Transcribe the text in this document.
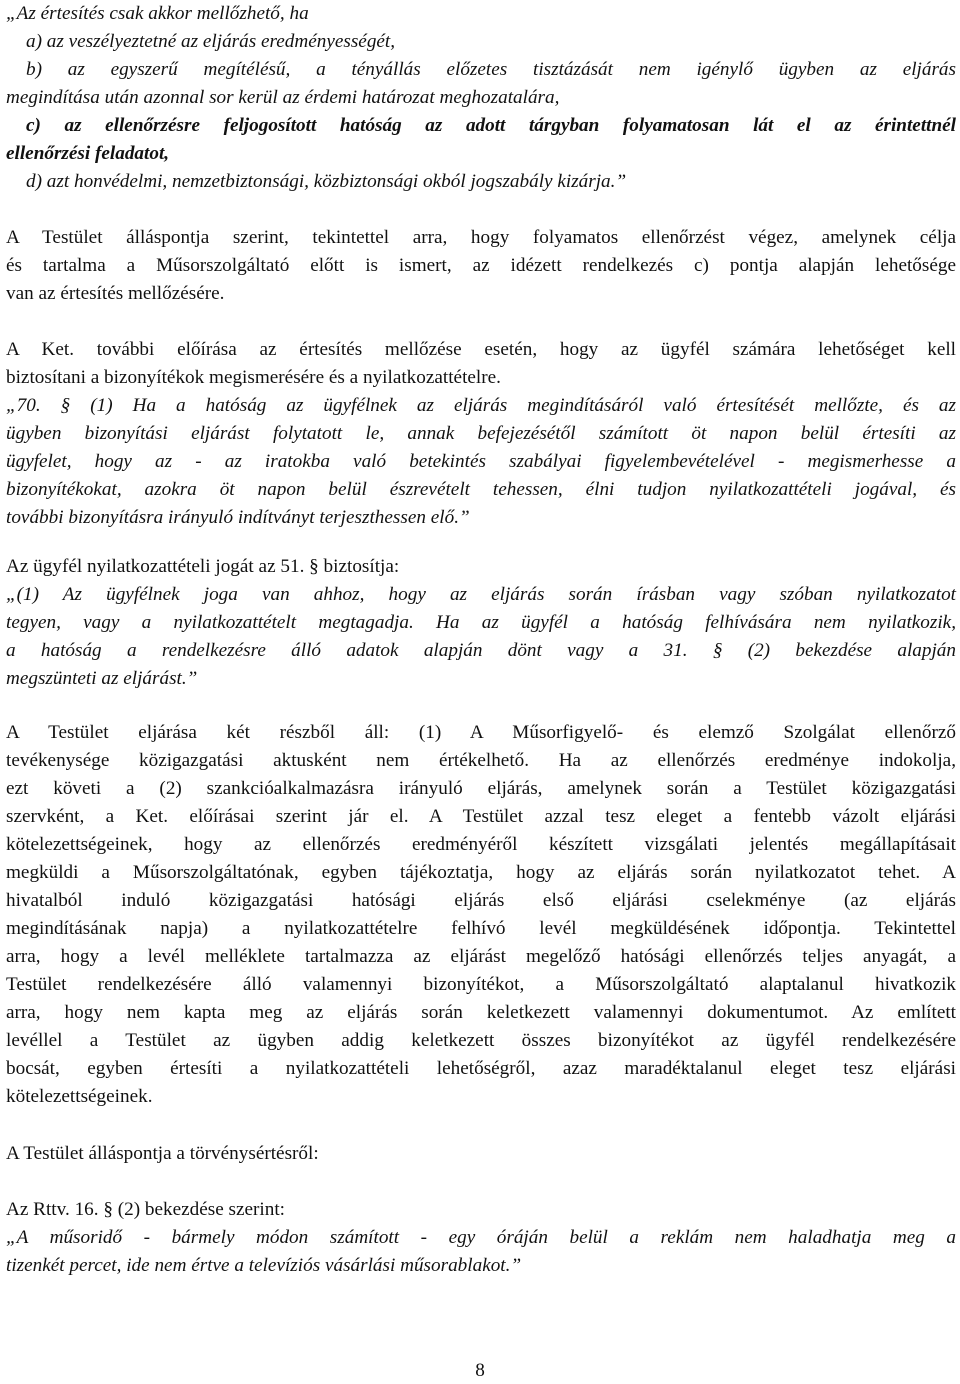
„Az értesítés csak akkor mellőzhető, ha
a) az veszélyeztetné az eljárás eredményességét,
b) az egyszerű megítélésű, a tényállás előzetes tisztázását nem igénylő ügyben az eljárás
megindítása után azonnal sor kerül az érdemi határozat meghozatalára,
c) az ellenőrzésre feljogosított hatóság az adott tárgyban folyamatosan lát el az érintettnél
ellenőrzési feladatot,
d) azt honvédelmi, nemzetbiztonsági, közbiztonsági okból jogszabály kizárja.”
A Testület álláspontja szerint, tekintettel arra, hogy folyamatos ellenőrzést végez, amelynek célja
és tartalma a Műsorszolgáltató előtt is ismert, az idézett rendelkezés c) pontja alapján lehetősége
van az értesítés mellőzésére.
A Ket. további előírása az értesítés mellőzése esetén, hogy az ügyfél számára lehetőséget kell
biztosítani a bizonyítékok megismerésére és a nyilatkozattételre.
„70. § (1) Ha a hatóság az ügyfélnek az eljárás megindításáról való értesítését mellőzte, és az
ügyben bizonyítási eljárást folytatott le, annak befejezésétől számított öt napon belül értesíti az
ügyfelet, hogy az - az iratokba való betekintés szabályai figyelembevételével - megismerhesse a
bizonyítékokat, azokra öt napon belül észrevételt tehessen, élni tudjon nyilatkozattételi jogával, és
további bizonyításra irányuló indítványt terjeszthessen elő.”
Az ügyfél nyilatkozattételi jogát az 51. § biztosítja:
„(1) Az ügyfélnek joga van ahhoz, hogy az eljárás során írásban vagy szóban nyilatkozatot
tegyen, vagy a nyilatkozattételt megtagadja. Ha az ügyfél a hatóság felhívására nem nyilatkozik,
a hatóság a rendelkezésre álló adatok alapján dönt vagy a 31. § (2) bekezdése alapján
megszünteti az eljárást.”
A Testület eljárása két részből áll: (1) A Műsorfigyelő- és elemző Szolgálat ellenőrző
tevékenysége közigazgatási aktusként nem értékelhető. Ha az ellenőrzés eredménye indokolja,
ezt követi a (2) szankcióalkalmazásra irányuló eljárás, amelynek során a Testület közigazgatási
szervként, a Ket. előírásai szerint jár el. A Testület azzal tesz eleget a fentebb vázolt eljárási
kötelezettségeinek, hogy az ellenőrzés eredményéről készített vizsgálati jelentés megállapításait
megküldi a Műsorszolgáltatónak, egyben tájékoztatja, hogy az eljárás során nyilatkozatot tehet. A
hivatalból induló közigazgatási hatósági eljárás első eljárási cselekménye (az eljárás
megindításának napja) a nyilatkozattételre felhívó levél megküldésének időpontja. Tekintettel
arra, hogy a levél melléklete tartalmazza az eljárást megelőző hatósági ellenőrzés teljes anyagát, a
Testület rendelkezésére álló valamennyi bizonyítékot, a Műsorszolgáltató alaptalanul hivatkozik
arra, hogy nem kapta meg az eljárás során keletkezett valamennyi dokumentumot. Az említett
levéllel a Testület az ügyben addig keletkezett összes bizonyítékot az ügyfél rendelkezésére
bocsát, egyben értesíti a nyilatkozattételi lehetőségről, azaz maradéktalanul eleget tesz eljárási
kötelezettségeinek.
A Testület álláspontja a törvénysértésről:
Az Rttv. 16. § (2) bekezdése szerint:
„A műsoridő - bármely módon számított - egy óráján belül a reklám nem haladhatja meg a
tizenkét percet, ide nem értve a televíziós vásárlási műsorablakot.”
8
